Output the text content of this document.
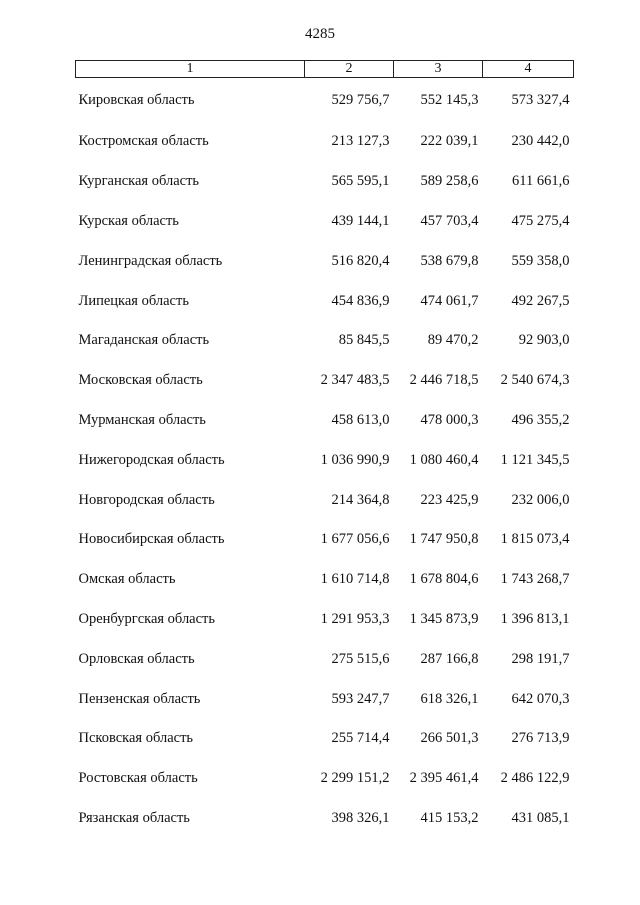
4285
1	2	3	4
Кировская область	529 756,7	552 145,3	573 327,4
Костромская область	213 127,3	222 039,1	230 442,0
Курганская область	565 595,1	589 258,6	611 661,6
Курская область	439 144,1	457 703,4	475 275,4
Ленинградская область	516 820,4	538 679,8	559 358,0
Липецкая область	454 836,9	474 061,7	492 267,5
Магаданская область	85 845,5	89 470,2	92 903,0
Московская область	2 347 483,5	2 446 718,5	2 540 674,3
Мурманская область	458 613,0	478 000,3	496 355,2
Нижегородская область	1 036 990,9	1 080 460,4	1 121 345,5
Новгородская область	214 364,8	223 425,9	232 006,0
Новосибирская область	1 677 056,6	1 747 950,8	1 815 073,4
Омская область	1 610 714,8	1 678 804,6	1 743 268,7
Оренбургская область	1 291 953,3	1 345 873,9	1 396 813,1
Орловская область	275 515,6	287 166,8	298 191,7
Пензенская область	593 247,7	618 326,1	642 070,3
Псковская область	255 714,4	266 501,3	276 713,9
Ростовская область	2 299 151,2	2 395 461,4	2 486 122,9
Рязанская область	398 326,1	415 153,2	431 085,1
